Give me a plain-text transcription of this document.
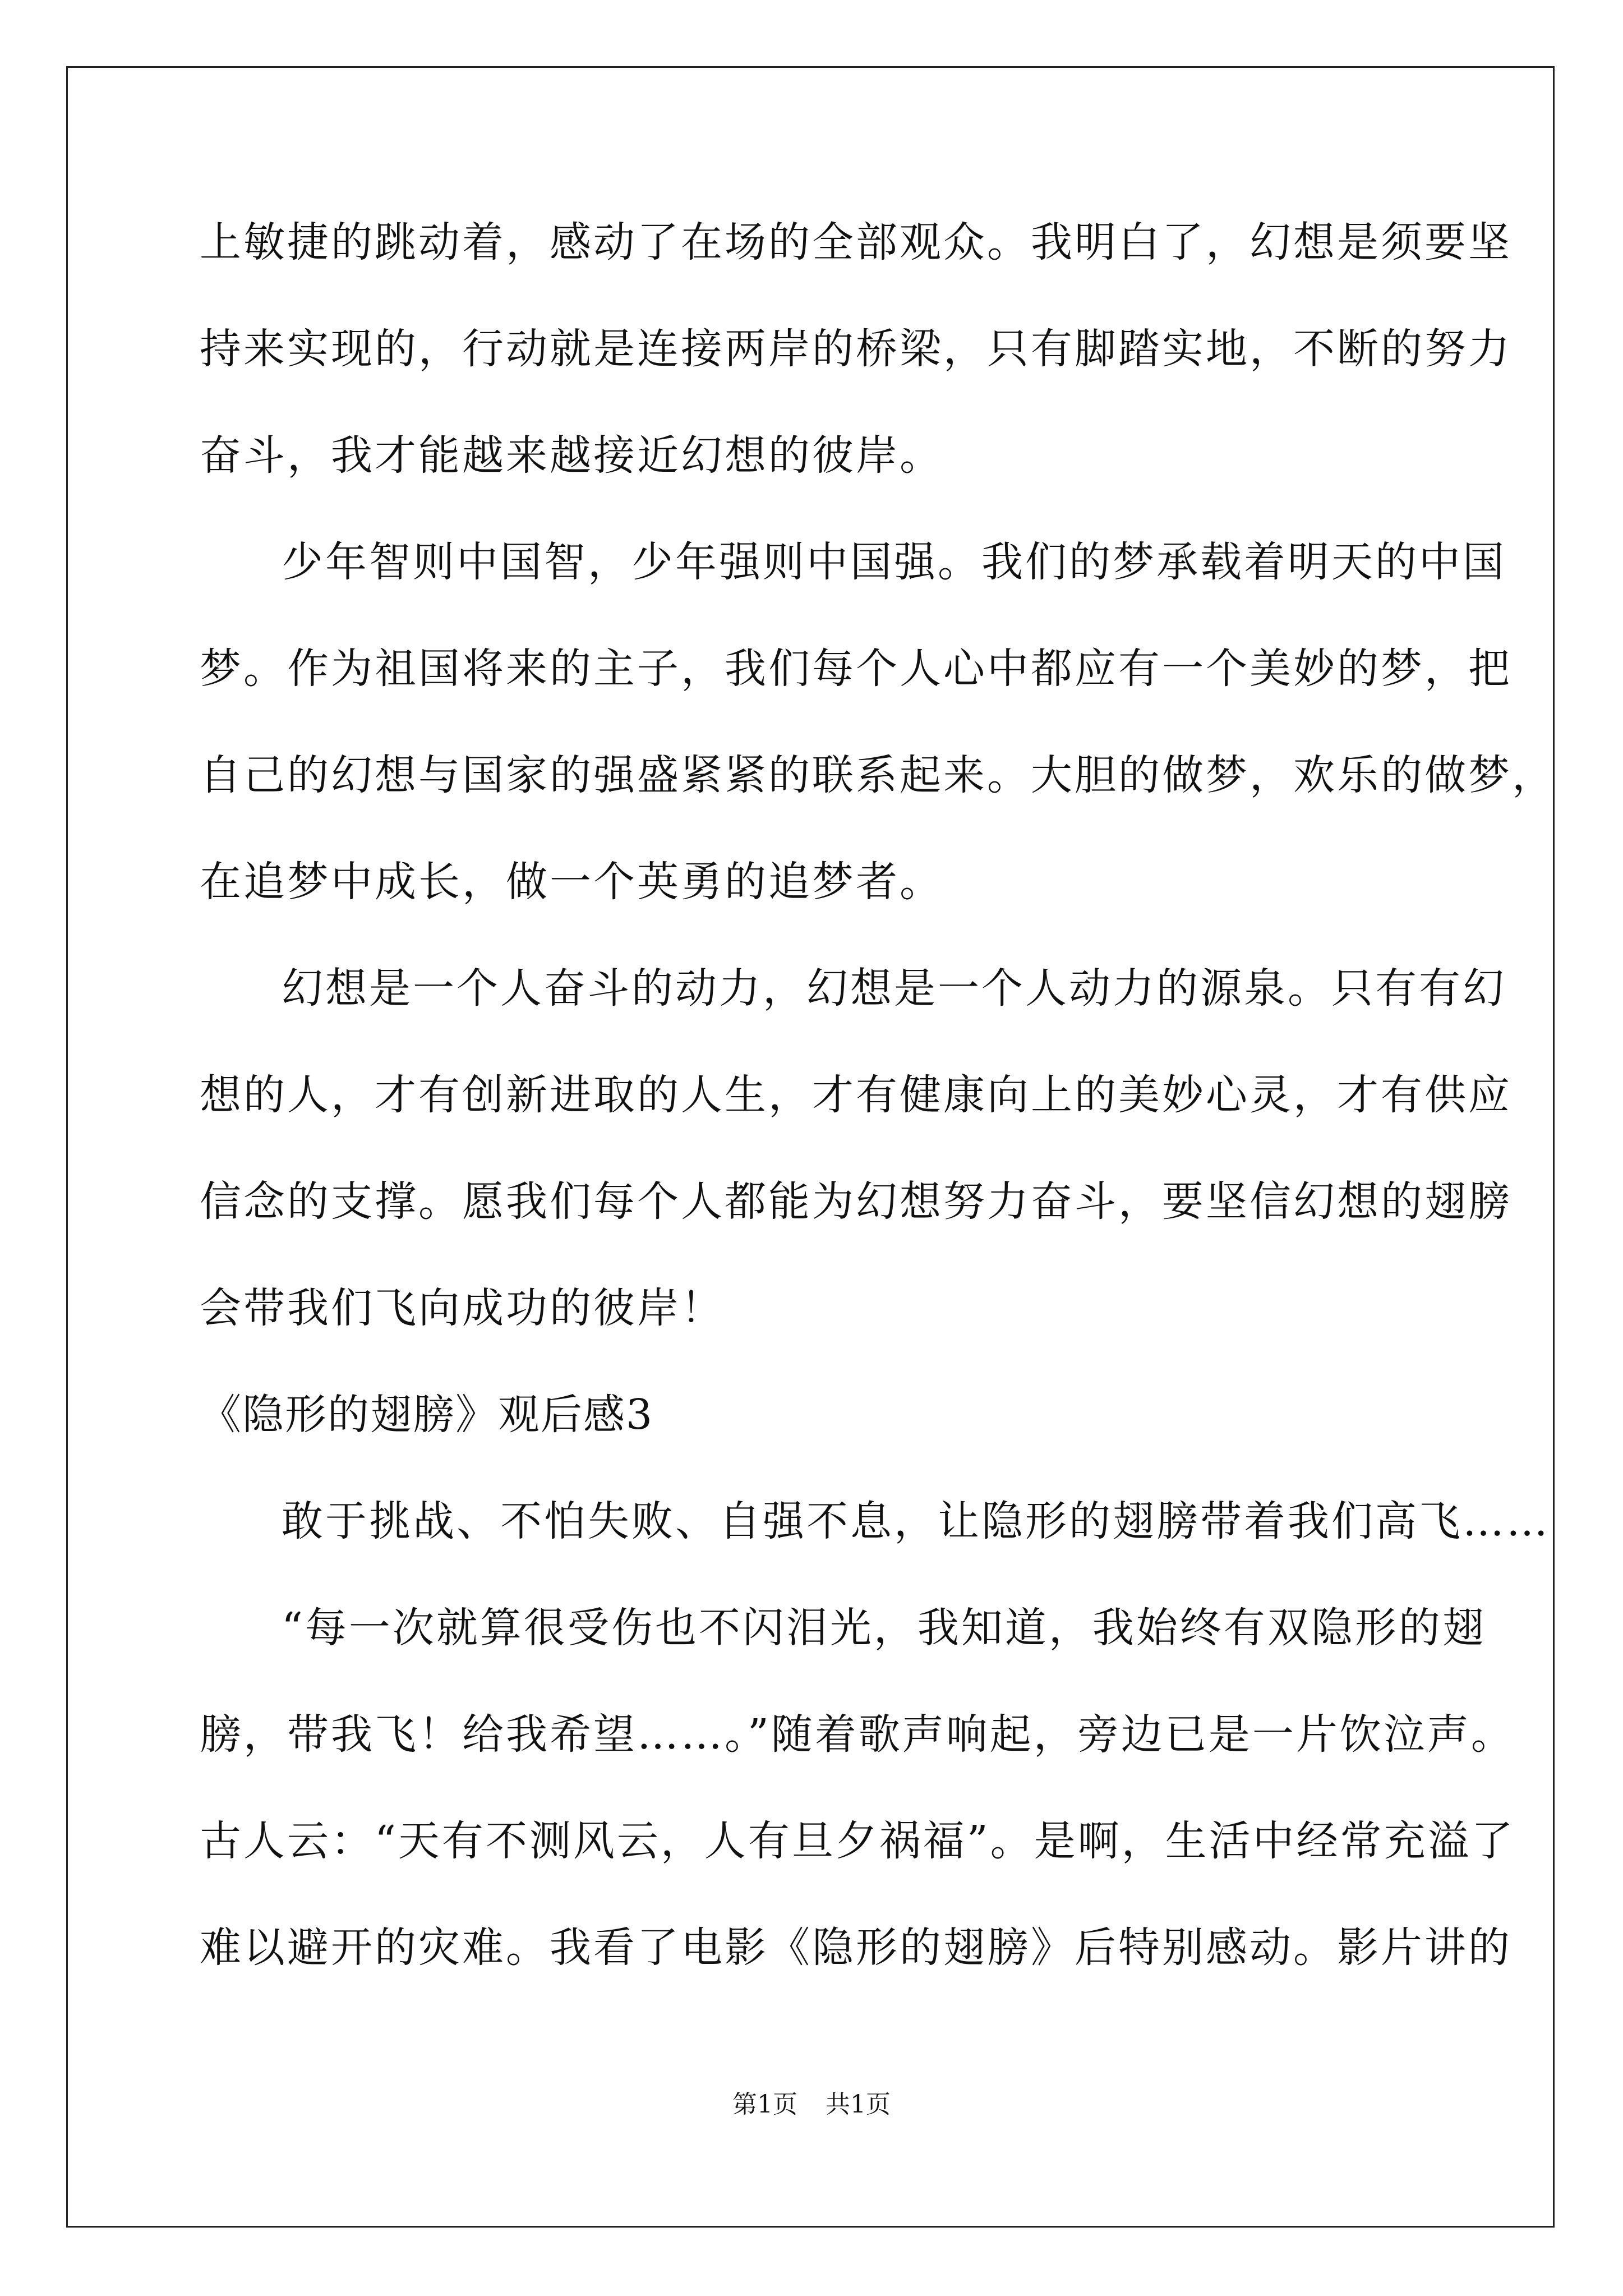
上敏捷的跳动着，感动了在场的全部观众。我明白了，幻想是须要坚
持来实现的，行动就是连接两岸的桥梁，只有脚踏实地，不断的努力
奋斗，我才能越来越接近幻想的彼岸。
少年智则中国智，少年强则中国强。我们的梦承载着明天的中国
梦。作为祖国将来的主子，我们每个人心中都应有一个美妙的梦，把
自己的幻想与国家的强盛紧紧的联系起来。大胆的做梦，欢乐的做梦，
在追梦中成长，做一个英勇的追梦者。
幻想是一个人奋斗的动力，幻想是一个人动力的源泉。只有有幻
想的人，才有创新进取的人生，才有健康向上的美妙心灵，才有供应
信念的支撑。愿我们每个人都能为幻想努力奋斗，要坚信幻想的翅膀
会带我们飞向成功的彼岸！
《隐形的翅膀》观后感3
敢于挑战、不怕失败、自强不息，让隐形的翅膀带着我们高飞……
“每一次就算很受伤也不闪泪光，我知道，我始终有双隐形的翅
膀，带我飞！给我希望……。”随着歌声响起，旁边已是一片饮泣声。
古人云：“天有不测风云，人有旦夕祸福”。是啊，生活中经常充溢了
难以避开的灾难。我看了电影《隐形的翅膀》后特别感动。影片讲的
第1页 共1页
